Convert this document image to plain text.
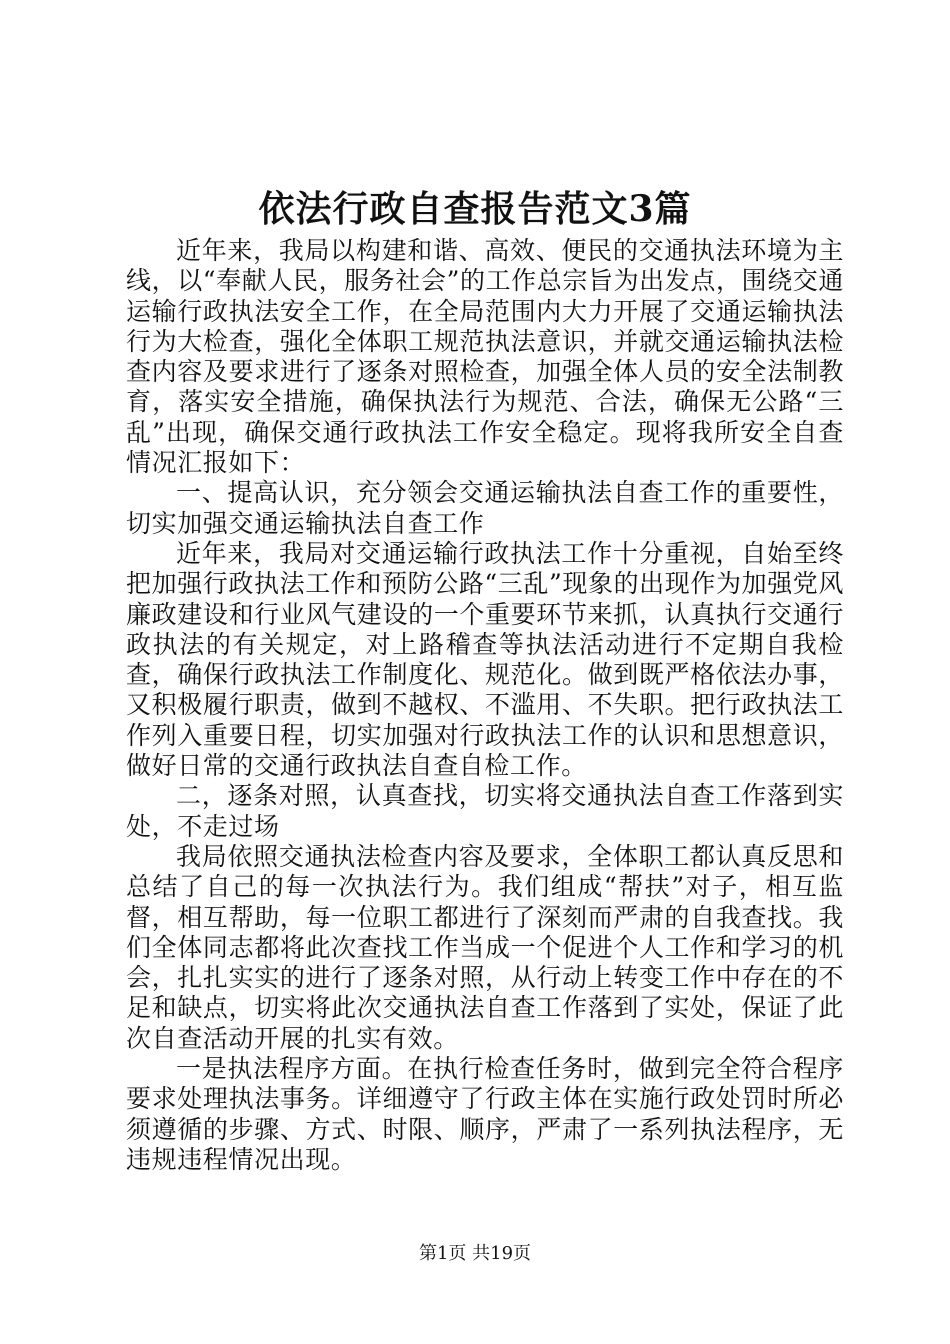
依法行政自查报告范文3篇

近年来，我局以构建和谐、高效、便民的交通执法环境为主线，以“奉献人民，服务社会”的工作总宗旨为出发点，围绕交通运输行政执法安全工作，在全局范围内大力开展了交通运输执法行为大检查，强化全体职工规范执法意识，并就交通运输执法检查内容及要求进行了逐条对照检查，加强全体人员的安全法制教育，落实安全措施，确保执法行为规范、合法，确保无公路“三乱”出现，确保交通行政执法工作安全稳定。现将我所安全自查情况汇报如下：

一、提高认识，充分领会交通运输执法自查工作的重要性，切实加强交通运输执法自查工作

近年来，我局对交通运输行政执法工作十分重视，自始至终把加强行政执法工作和预防公路“三乱”现象的出现作为加强党风廉政建设和行业风气建设的一个重要环节来抓，认真执行交通行政执法的有关规定，对上路稽查等执法活动进行不定期自我检查，确保行政执法工作制度化、规范化。做到既严格依法办事，又积极履行职责，做到不越权、不滥用、不失职。把行政执法工作列入重要日程，切实加强对行政执法工作的认识和思想意识，做好日常的交通行政执法自查自检工作。

二，逐条对照，认真查找，切实将交通执法自查工作落到实处，不走过场

我局依照交通执法检查内容及要求，全体职工都认真反思和总结了自己的每一次执法行为。我们组成“帮扶”对子，相互监督，相互帮助，每一位职工都进行了深刻而严肃的自我查找。我们全体同志都将此次查找工作当成一个促进个人工作和学习的机会，扎扎实实的进行了逐条对照，从行动上转变工作中存在的不足和缺点，切实将此次交通执法自查工作落到了实处，保证了此次自查活动开展的扎实有效。

一是执法程序方面。在执行检查任务时，做到完全符合程序要求处理执法事务。详细遵守了行政主体在实施行政处罚时所必须遵循的步骤、方式、时限、顺序，严肃了一系列执法程序，无违规违程情况出现。

第1页 共19页
